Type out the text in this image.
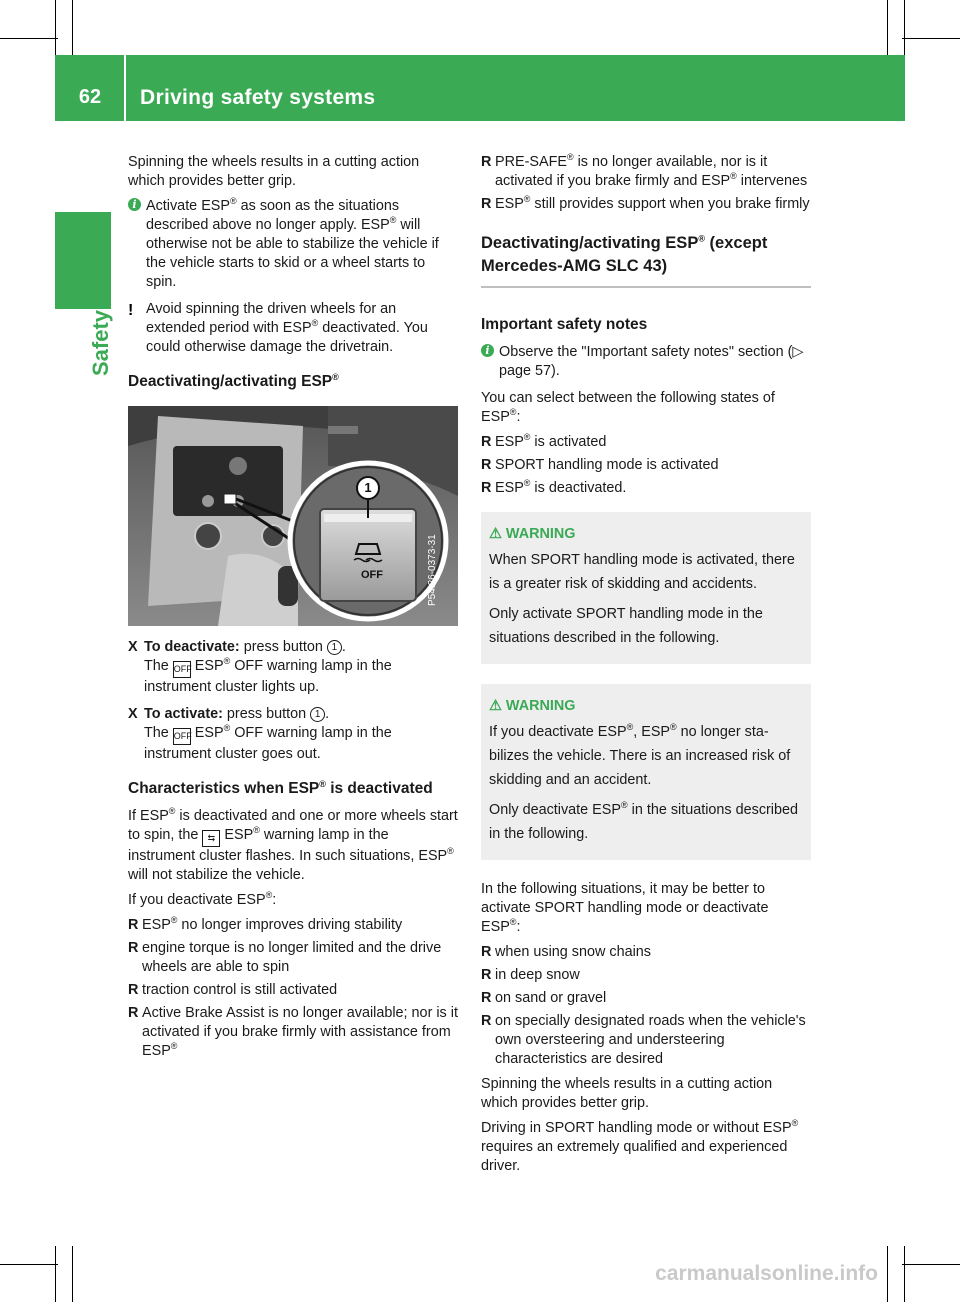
62	Driving safety systems
Safety

Spinning the wheels results in a cutting action which provides better grip.

i Activate ESP® as soon as the situations described above no longer apply. ESP® will otherwise not be able to stabilize the vehicle if the vehicle starts to skid or a wheel starts to spin.
! Avoid spinning the driven wheels for an extended period with ESP® deactivated. You could otherwise damage the drivetrain.
Deactivating/activating ESP®
P54.26-0373-31
1
OFF
X To deactivate: press button 1 .
The OFF ESP® OFF warning lamp in the instrument cluster lights up.
X To activate: press button 1 .
The OFF ESP® OFF warning lamp in the instrument cluster goes out.
Characteristics when ESP® is deactivated

If ESP® is deactivated and one or more wheels start to spin, the ⇆ ESP® warning lamp in the instrument cluster flashes. In such situations, ESP® will not stabilize the vehicle.

If you deactivate ESP®:

R ESP® no longer improves driving stability
R engine torque is no longer limited and the drive wheels are able to spin
R traction control is still activated
R Active Brake Assist is no longer available; nor is it activated if you brake firmly with assistance from ESP®
R PRE-SAFE® is no longer available, nor is it activated if you brake firmly and ESP® intervenes
R ESP® still provides support when you brake firmly
Deactivating/activating ESP® (except Mercedes-AMG SLC 43)
Important safety notes
i Observe the "Important safety notes" section (▷ page 57).

You can select between the following states of ESP®:

R ESP® is activated
R SPORT handling mode is activated
R ESP® is deactivated.
⚠ WARNING

When SPORT handling mode is activated, there is a greater risk of skidding and accidents.

Only activate SPORT handling mode in the situations described in the following.

⚠ WARNING

If you deactivate ESP®, ESP® no longer stabilizes the vehicle. There is an increased risk of skidding and an accident.

Only deactivate ESP® in the situations described in the following.

In the following situations, it may be better to activate SPORT handling mode or deactivate ESP®:

R when using snow chains
R in deep snow
R on sand or gravel
R on specially designated roads when the vehicle's own oversteering and understeering characteristics are desired

Spinning the wheels results in a cutting action which provides better grip.

Driving in SPORT handling mode or without ESP® requires an extremely qualified and experienced driver.

carmanualsonline.info
